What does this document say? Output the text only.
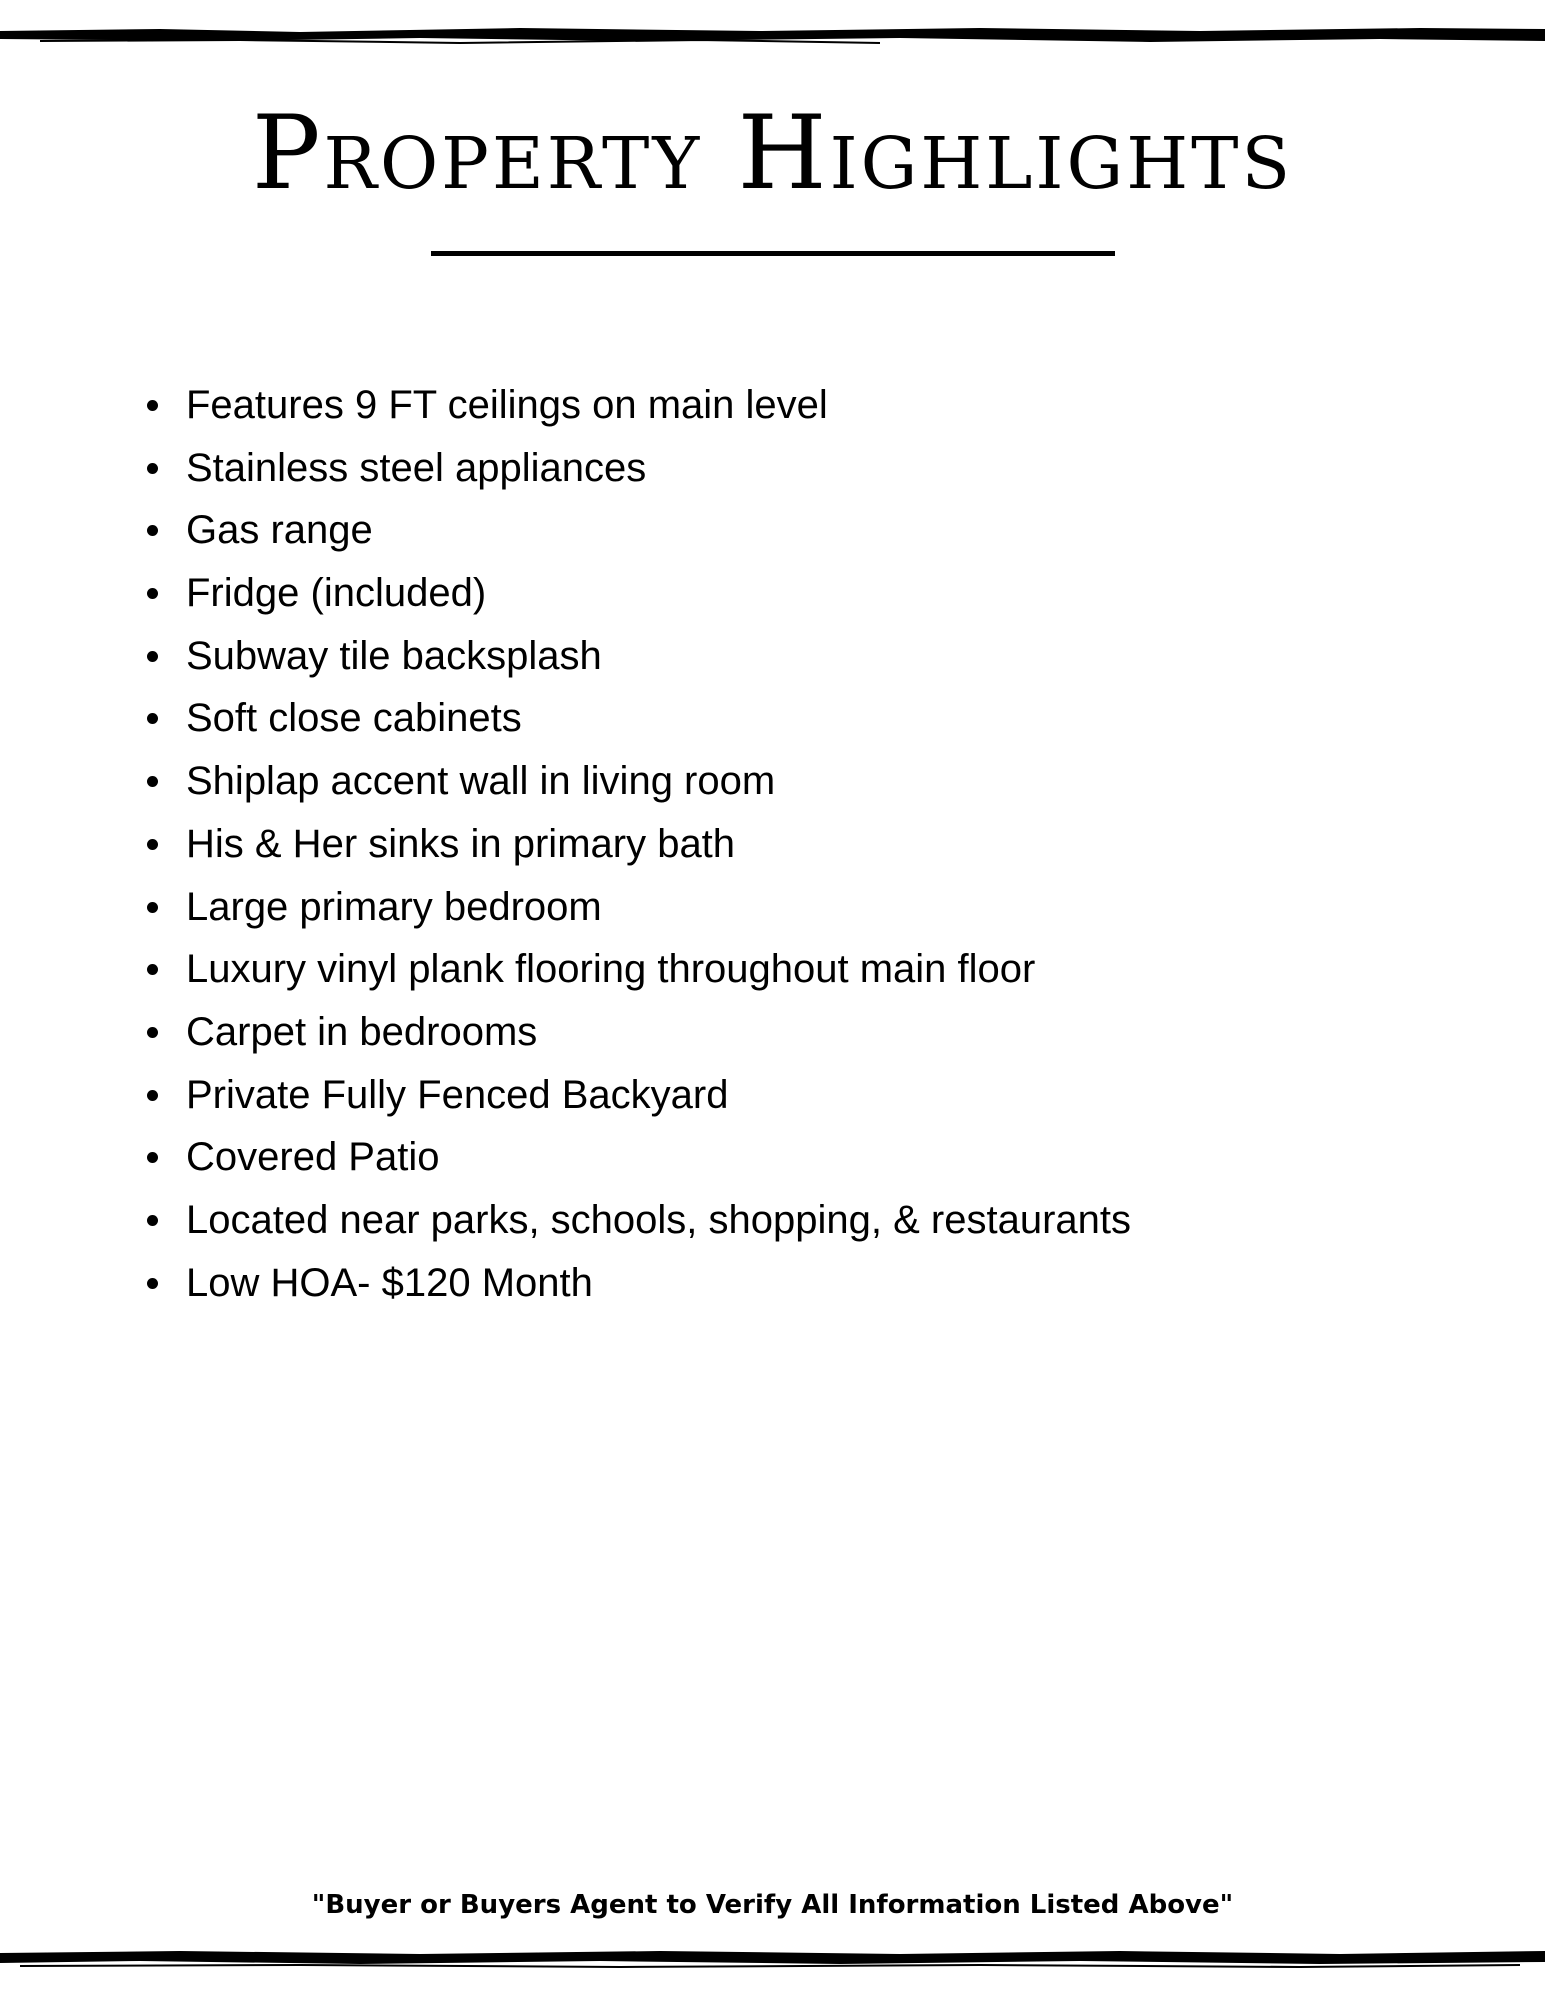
Property Highlights
Features 9 FT ceilings on main level
Stainless steel appliances
Gas range
Fridge (included)
Subway tile backsplash
Soft close cabinets
Shiplap accent wall in living room
His & Her sinks in primary bath
Large primary bedroom
Luxury vinyl plank flooring throughout main floor
Carpet in bedrooms
Private Fully Fenced Backyard
Covered Patio
Located near parks, schools, shopping, & restaurants
Low HOA- $120 Month
"Buyer or Buyers Agent to Verify All Information Listed Above"
